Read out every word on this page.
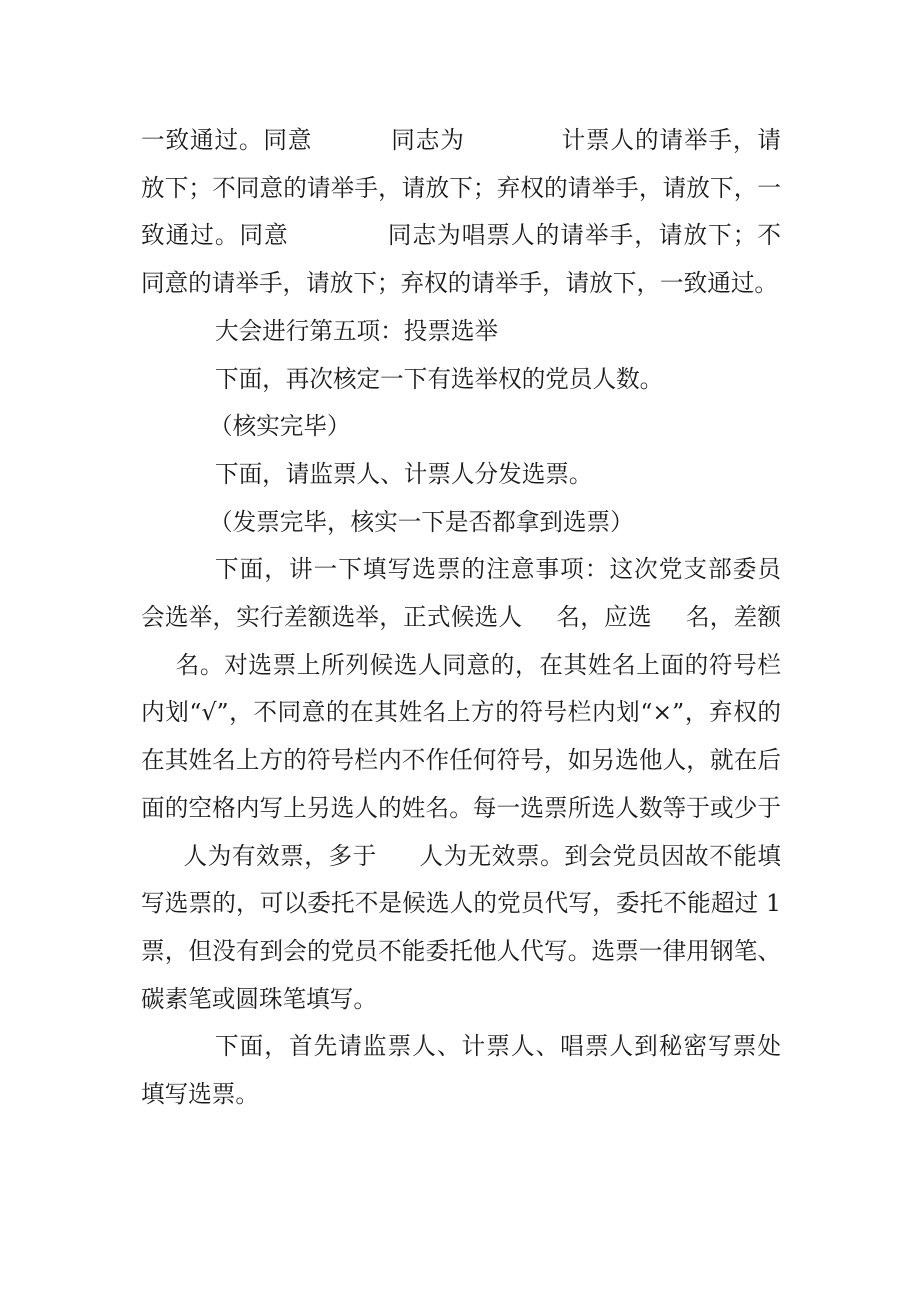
一致通过。同意	同志为	计票人的请举手，请放下；不同意的请举手，请放下；弃权的请举手，请放下，一致通过。同意	同志为唱票人的请举手，请放下；不同意的请举手，请放下；弃权的请举手，请放下，一致通过。

大会进行第五项：投票选举

下面，再次核定一下有选举权的党员人数。

（核实完毕）

下面，请监票人、计票人分发选票。

（发票完毕，核实一下是否都拿到选票）

下面，讲一下填写选票的注意事项：这次党支部委员会选举，实行差额选举，正式候选人 名，应选 名，差额名。对选票上所列候选人同意的，在其姓名上面的符号栏内划“√”，不同意的在其姓名上方的符号栏内划“×”，弃权的在其姓名上方的符号栏内不作任何符号，如另选他人，就在后面的空格内写上另选人的姓名。每一选票所选人数等于或少于人为有效票，多于 人为无效票。到会党员因故不能填写选票的，可以委托不是候选人的党员代写，委托不能超过 1 票，但没有到会的党员不能委托他人代写。选票一律用钢笔、碳素笔或圆珠笔填写。

下面，首先请监票人、计票人、唱票人到秘密写票处填写选票。
